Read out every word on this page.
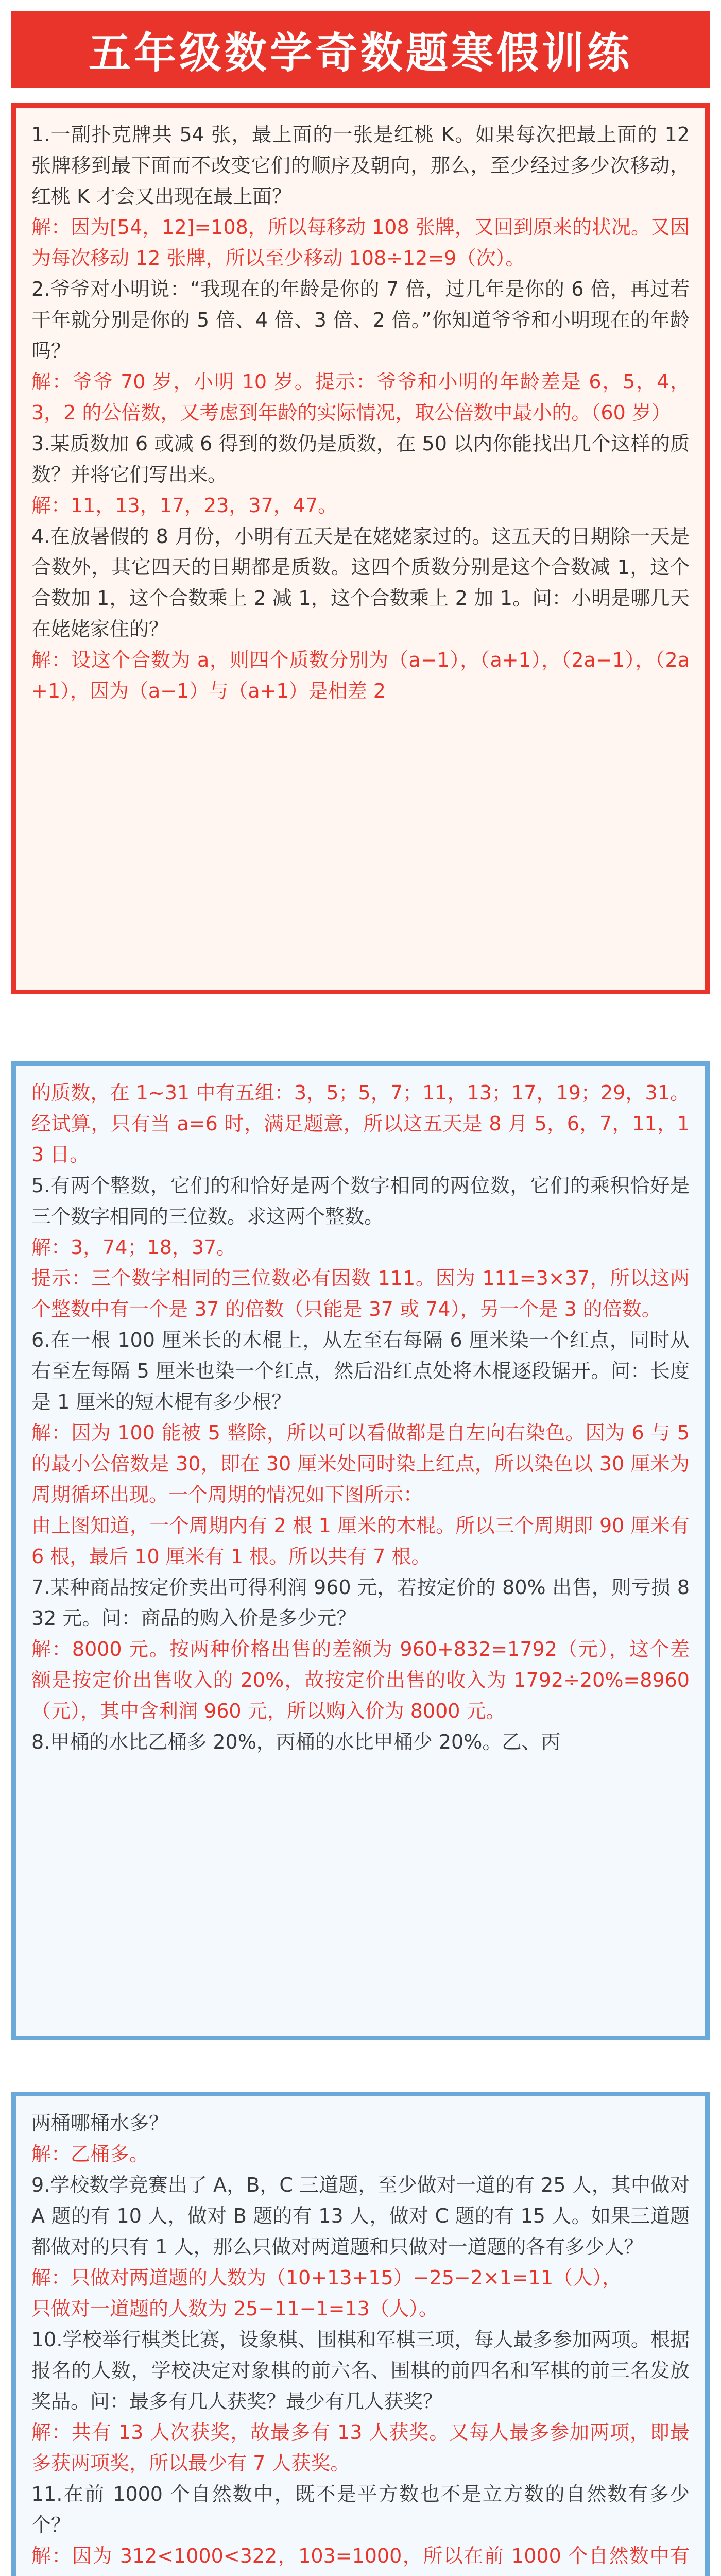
五年级数学奇数题寒假训练

1.一副扑克牌共 54 张，最上面的一张是红桃 K。如果每次把最上面的 12 张牌移到最下面而不改变它们的顺序及朝向，那么，至少经过多少次移动，红桃 K 才会又出现在最上面？

解：因为[54，12]=108，所以每移动 108 张牌，又回到原来的状况。又因为每次移动 12 张牌，所以至少移动 108÷12=9（次）。

2.爷爷对小明说：“我现在的年龄是你的 7 倍，过几年是你的 6 倍，再过若干年就分别是你的 5 倍、4 倍、3 倍、2 倍。”你知道爷爷和小明现在的年龄吗？

解：爷爷 70 岁，小明 10 岁。提示：爷爷和小明的年龄差是 6，5，4，3，2 的公倍数，又考虑到年龄的实际情况，取公倍数中最小的。（60 岁）

3.某质数加 6 或减 6 得到的数仍是质数，在 50 以内你能找出几个这样的质数？并将它们写出来。

解：11，13，17，23，37，47。

4.在放暑假的 8 月份，小明有五天是在姥姥家过的。这五天的日期除一天是合数外，其它四天的日期都是质数。这四个质数分别是这个合数减 1，这个合数加 1，这个合数乘上 2 减 1，这个合数乘上 2 加 1。问：小明是哪几天在姥姥家住的？

解：设这个合数为 a，则四个质数分别为（a−1），（a+1），（2a−1），（2a+1），因为（a−1）与（a+1）是相差 2

的质数，在 1~31 中有五组：3，5；5，7；11，13；17，19；29，31。经试算，只有当 a=6 时，满足题意，所以这五天是 8 月 5，6，7，11，13 日。

5.有两个整数，它们的和恰好是两个数字相同的两位数，它们的乘积恰好是三个数字相同的三位数。求这两个整数。

解：3，74；18，37。

提示：三个数字相同的三位数必有因数 111。因为 111=3×37，所以这两个整数中有一个是 37 的倍数（只能是 37 或 74），另一个是 3 的倍数。

6.在一根 100 厘米长的木棍上，从左至右每隔 6 厘米染一个红点，同时从右至左每隔 5 厘米也染一个红点，然后沿红点处将木棍逐段锯开。问：长度是 1 厘米的短木棍有多少根？

解：因为 100 能被 5 整除，所以可以看做都是自左向右染色。因为 6 与 5 的最小公倍数是 30，即在 30 厘米处同时染上红点，所以染色以 30 厘米为周期循环出现。一个周期的情况如下图所示：

由上图知道，一个周期内有 2 根 1 厘米的木棍。所以三个周期即 90 厘米有 6 根，最后 10 厘米有 1 根。所以共有 7 根。

7.某种商品按定价卖出可得利润 960 元，若按定价的 80% 出售，则亏损 832 元。问：商品的购入价是多少元？

解：8000 元。按两种价格出售的差额为 960+832=1792（元），这个差额是按定价出售收入的 20%，故按定价出售的收入为 1792÷20%=8960（元），其中含利润 960 元，所以购入价为 8000 元。

8.甲桶的水比乙桶多 20%，丙桶的水比甲桶少 20%。乙、丙

两桶哪桶水多？

解：乙桶多。

9.学校数学竞赛出了 A，B，C 三道题，至少做对一道的有 25 人，其中做对 A 题的有 10 人，做对 B 题的有 13 人，做对 C 题的有 15 人。如果三道题都做对的只有 1 人，那么只做对两道题和只做对一道题的各有多少人？

解：只做对两道题的人数为（10+13+15）−25−2×1=11（人），

只做对一道题的人数为 25−11−1=13（人）。

10.学校举行棋类比赛，设象棋、围棋和军棋三项，每人最多参加两项。根据报名的人数，学校决定对象棋的前六名、围棋的前四名和军棋的前三名发放奖品。问：最多有几人获奖？最少有几人获奖？

解：共有 13 人次获奖，故最多有 13 人获奖。又每人最多参加两项，即最多获两项奖，所以最少有 7 人获奖。

11.在前 1000 个自然数中，既不是平方数也不是立方数的自然数有多少个？

解：因为 312<1000<322，103=1000，所以在前 1000 个自然数中有
